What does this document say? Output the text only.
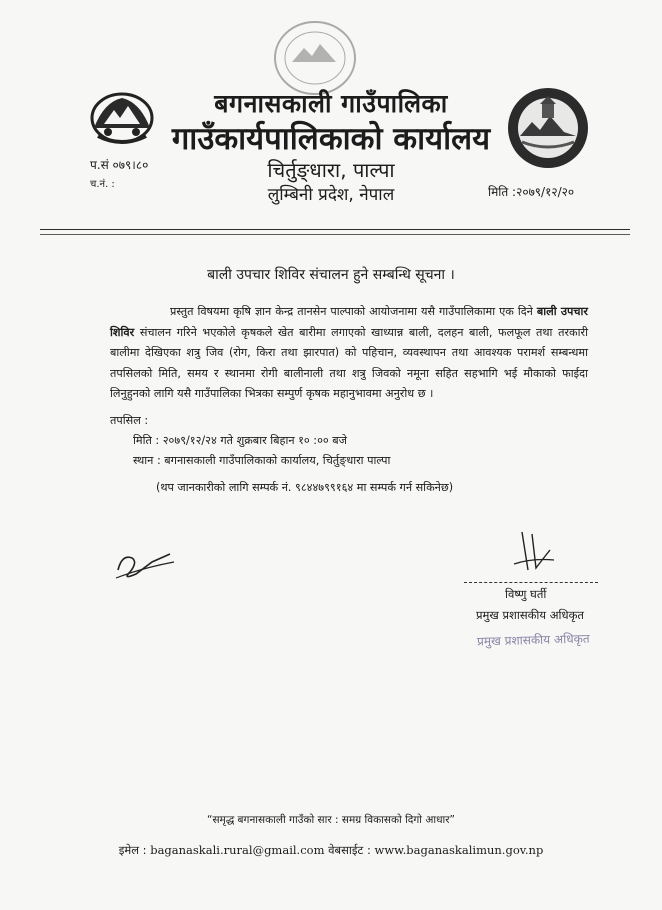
बगनासकाली गाउँपालिका
गाउँकार्यपालिकाको कार्यालय
चिर्तुङ्धारा, पाल्पा
लुम्बिनी प्रदेश, नेपाल
प.सं ०७९।८०
च.नं. :
मिति :२०७९/१२/२०
बाली उपचार शिविर संचालन हुने सम्बन्धि सूचना ।
प्रस्तुत विषयमा कृषि ज्ञान केन्द्र तानसेन पाल्पाको आयोजनामा यसै गाउँपालिकामा एक दिने बाली उपचार शिविर संचालन गरिने भएकोले कृषकले खेत बारीमा लगाएको खाध्यान्न बाली, दलहन बाली, फलफूल तथा तरकारी बालीमा देखिएका शत्रु जिव (रोग, किरा तथा झारपात) को पहिचान, व्यवस्थापन तथा आवश्यक परामर्श सम्बन्धमा तपसिलको मिति, समय र स्थानमा रोगी बालीनाली तथा शत्रु जिवको नमूना सहित सहभागि भई मौकाको फाईदा लिनुहुनको लागि यसै गाउँपालिका भित्रका सम्पुर्ण कृषक महानुभावमा अनुरोध छ ।
तपसिल :
मिति : २०७९/१२/२४ गते शुक्रबार बिहान १० :०० बजे
स्थान : बगनासकाली गाउँपालिकाको कार्यालय, चिर्तुङ्धारा पाल्पा
(थप जानकारीको लागि सम्पर्क नं. ९८४४७९९१६४ मा सम्पर्क गर्न सकिनेछ)
विष्णु घर्ती
प्रमुख प्रशासकीय अधिकृत
प्रमुख प्रशासकीय अधिकृत
“समृद्ध बगनासकाली गाउँको सार : समग्र विकासको दिगो आधार”
इमेल : baganaskali.rural@gmail.com वेबसाईट : www.baganaskalimun.gov.np
